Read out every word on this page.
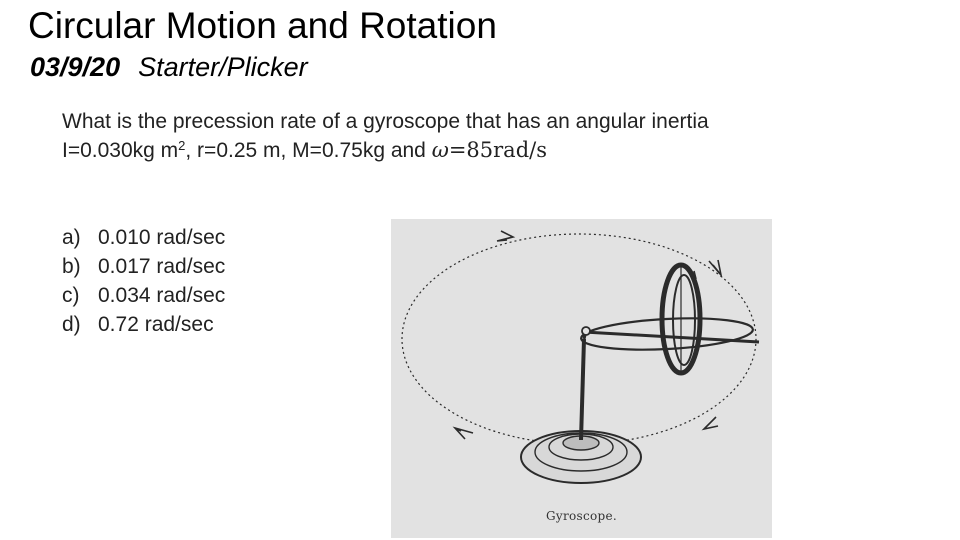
Circular Motion and Rotation
03/9/20 Starter/Plicker
What is the precession rate of a gyroscope that has an angular inertia
I=0.030kg $m^2$, r=0.25 m, M=0.75kg and ω=85rad/s
a) 0.010 rad/sec
b) 0.017 rad/sec
c) 0.034 rad/sec
d) 0.72 rad/sec
Gyroscope.
